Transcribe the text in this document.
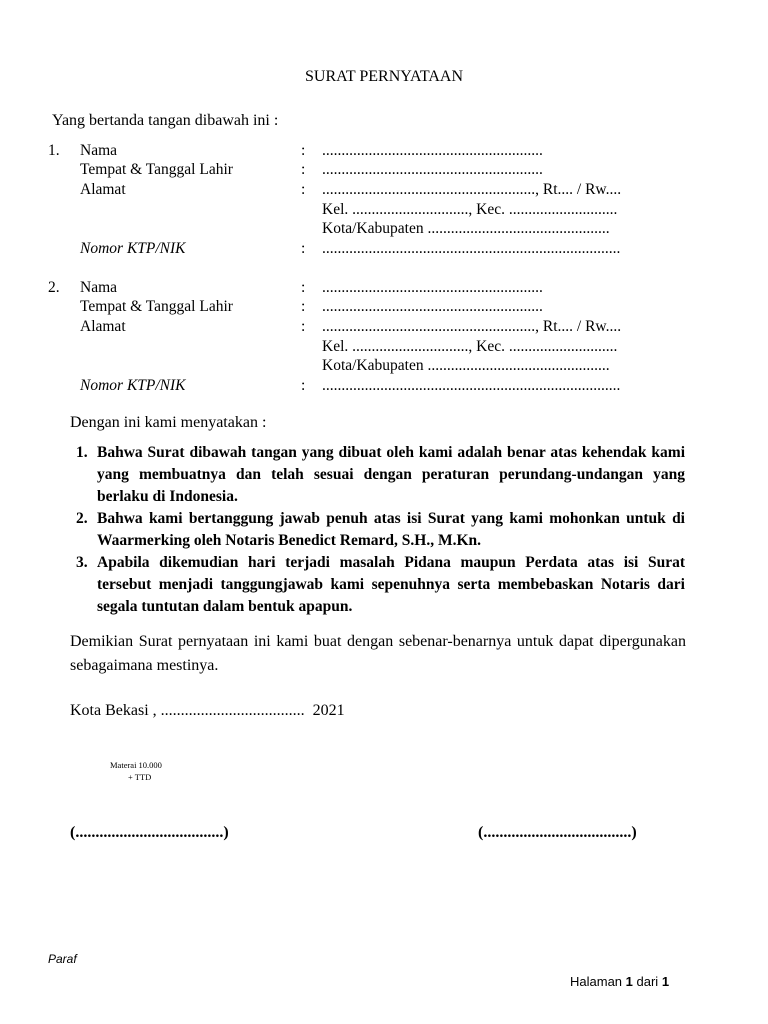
SURAT PERNYATAAN
Yang bertanda tangan dibawah ini :
1. Nama	: .........................................................
Tempat & Tanggal Lahir	: .........................................................
Alamat	: ......................................................., Rt.... / Rw....
Kel. .............................., Kec. ............................
Kota/Kabupaten ...............................................
Nomor KTP/NIK	: .............................................................................
2. Nama	: .........................................................
Tempat & Tanggal Lahir	: .........................................................
Alamat	: ......................................................., Rt.... / Rw....
Kel. .............................., Kec. ............................
Kota/Kabupaten ...............................................
Nomor KTP/NIK	: .............................................................................
Dengan ini kami menyatakan :
1. Bahwa Surat dibawah tangan yang dibuat oleh kami adalah benar atas kehendak kami yang membuatnya dan telah sesuai dengan peraturan perundang-undangan yang berlaku di Indonesia.
2. Bahwa kami bertanggung jawab penuh atas isi Surat yang kami mohonkan untuk di Waarmerking oleh Notaris Benedict Remard, S.H., M.Kn.
3. Apabila dikemudian hari terjadi masalah Pidana maupun Perdata atas isi Surat tersebut menjadi tanggungjawab kami sepenuhnya serta membebaskan Notaris dari segala tuntutan dalam bentuk apapun.
Demikian Surat pernyataan ini kami buat dengan sebenar-benarnya untuk dapat dipergunakan sebagaimana mestinya.
Kota Bekasi , .................................... 2021
Materai 10.000
+ TTD
(.....................................)	(.....................................)
Paraf
Halaman 1 dari 1
